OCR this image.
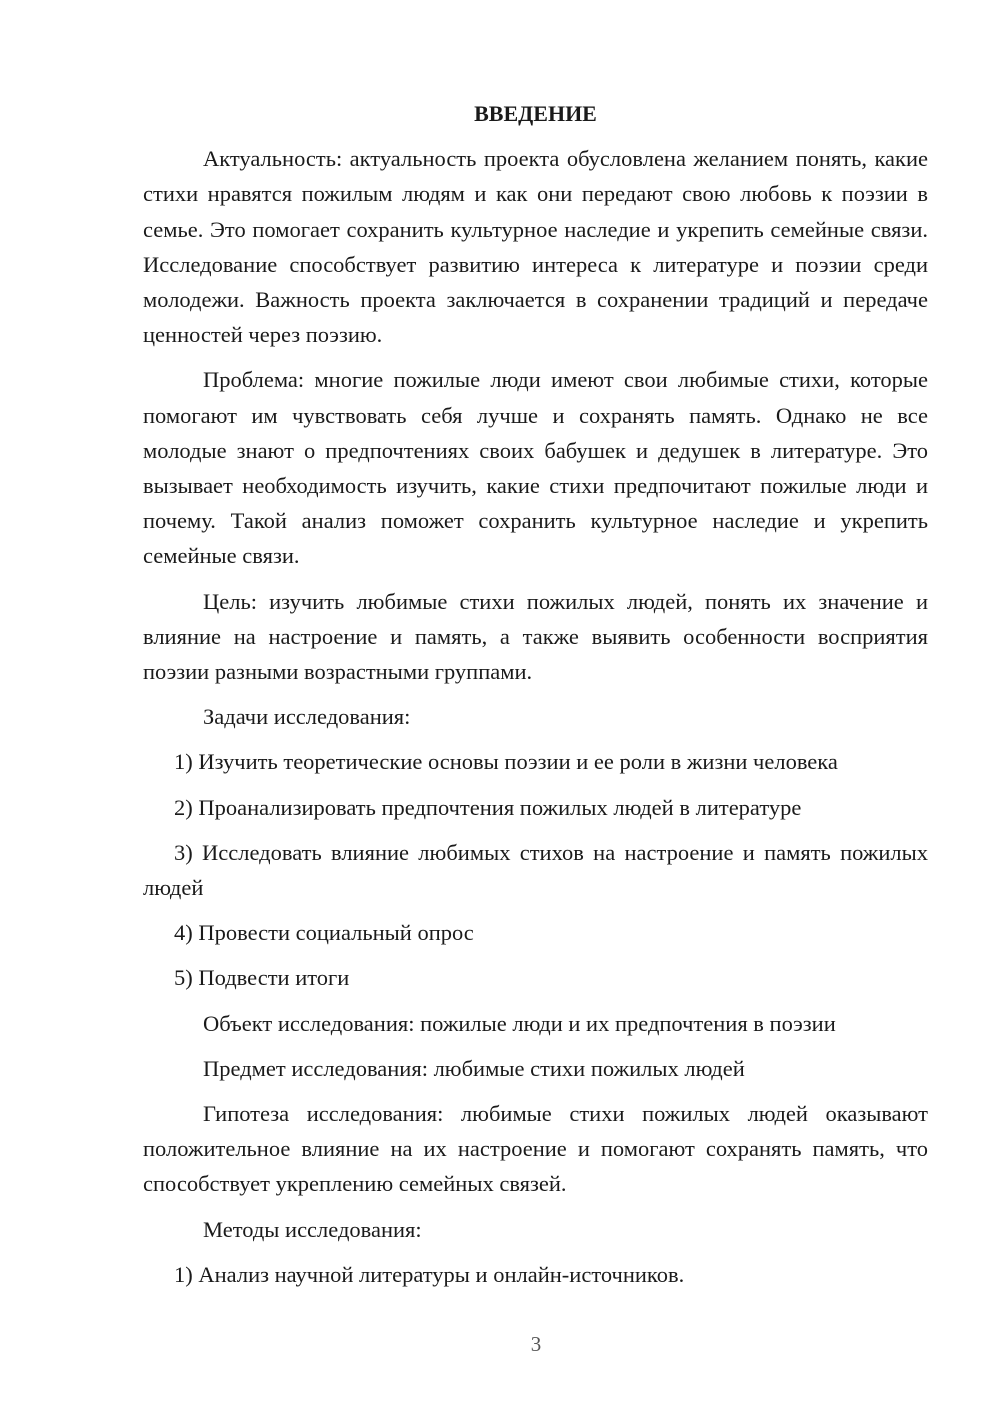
ВВЕДЕНИЕ
Актуальность: актуальность проекта обусловлена желанием понять, какие стихи нравятся пожилым людям и как они передают свою любовь к поэзии в семье. Это помогает сохранить культурное наследие и укрепить семейные связи. Исследование способствует развитию интереса к литературе и поэзии среди молодежи. Важность проекта заключается в сохранении традиций и передаче ценностей через поэзию.
Проблема: многие пожилые люди имеют свои любимые стихи, которые помогают им чувствовать себя лучше и сохранять память. Однако не все молодые знают о предпочтениях своих бабушек и дедушек в литературе. Это вызывает необходимость изучить, какие стихи предпочитают пожилые люди и почему. Такой анализ поможет сохранить культурное наследие и укрепить семейные связи.
Цель: изучить любимые стихи пожилых людей, понять их значение и влияние на настроение и память, а также выявить особенности восприятия поэзии разными возрастными группами.
Задачи исследования:
1) Изучить теоретические основы поэзии и ее роли в жизни человека
2) Проанализировать предпочтения пожилых людей в литературе
3) Исследовать влияние любимых стихов на настроение и память пожилых людей
4) Провести социальный опрос
5) Подвести итоги
Объект исследования: пожилые люди и их предпочтения в поэзии
Предмет исследования: любимые стихи пожилых людей
Гипотеза исследования: любимые стихи пожилых людей оказывают положительное влияние на их настроение и помогают сохранять память, что способствует укреплению семейных связей.
Методы исследования:
1) Анализ научной литературы и онлайн-источников.
3
